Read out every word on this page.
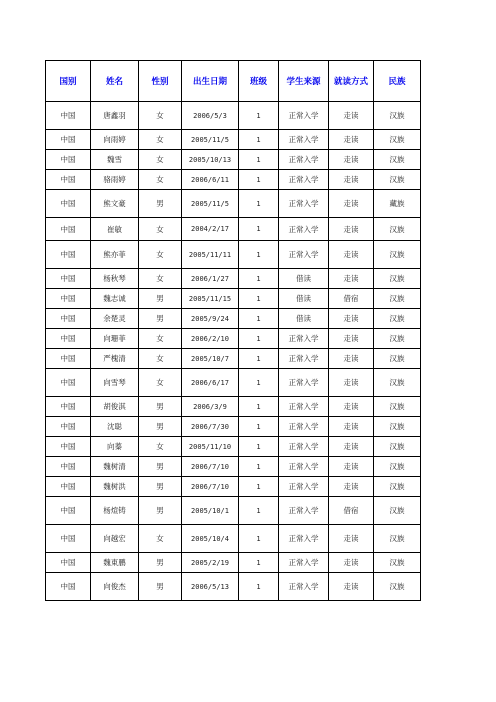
国别	姓名	性别	出生日期	班级	学生来源	就读方式	民族
中国	唐鑫羽	女	2006/5/3	1	正常入学	走读	汉族
中国	向雨婷	女	2005/11/5	1	正常入学	走读	汉族
中国	魏雪	女	2005/10/13	1	正常入学	走读	汉族
中国	骆雨婷	女	2006/6/11	1	正常入学	走读	汉族
中国	熊文豪	男	2005/11/5	1	正常入学	走读	藏族
中国	崔敏	女	2004/2/17	1	正常入学	走读	汉族
中国	熊亦菲	女	2005/11/11	1	正常入学	走读	汉族
中国	杨秋琴	女	2006/1/27	1	借读	走读	汉族
中国	魏志诚	男	2005/11/15	1	借读	借宿	汉族
中国	余楚灵	男	2005/9/24	1	借读	走读	汉族
中国	向珊菲	女	2006/2/10	1	正常入学	走读	汉族
中国	严槐清	女	2005/10/7	1	正常入学	走读	汉族
中国	向雪琴	女	2006/6/17	1	正常入学	走读	汉族
中国	胡俊淇	男	2006/3/9	1	正常入学	走读	汉族
中国	沈聪	男	2006/7/30	1	正常入学	走读	汉族
中国	向蓁	女	2005/11/10	1	正常入学	走读	汉族
中国	魏树清	男	2006/7/10	1	正常入学	走读	汉族
中国	魏树洪	男	2006/7/10	1	正常入学	走读	汉族
中国	杨煊铸	男	2005/10/1	1	正常入学	借宿	汉族
中国	向越宏	女	2005/10/4	1	正常入学	走读	汉族
中国	魏東鹏	男	2005/2/19	1	正常入学	走读	汉族
中国	向俊杰	男	2006/5/13	1	正常入学	走读	汉族
